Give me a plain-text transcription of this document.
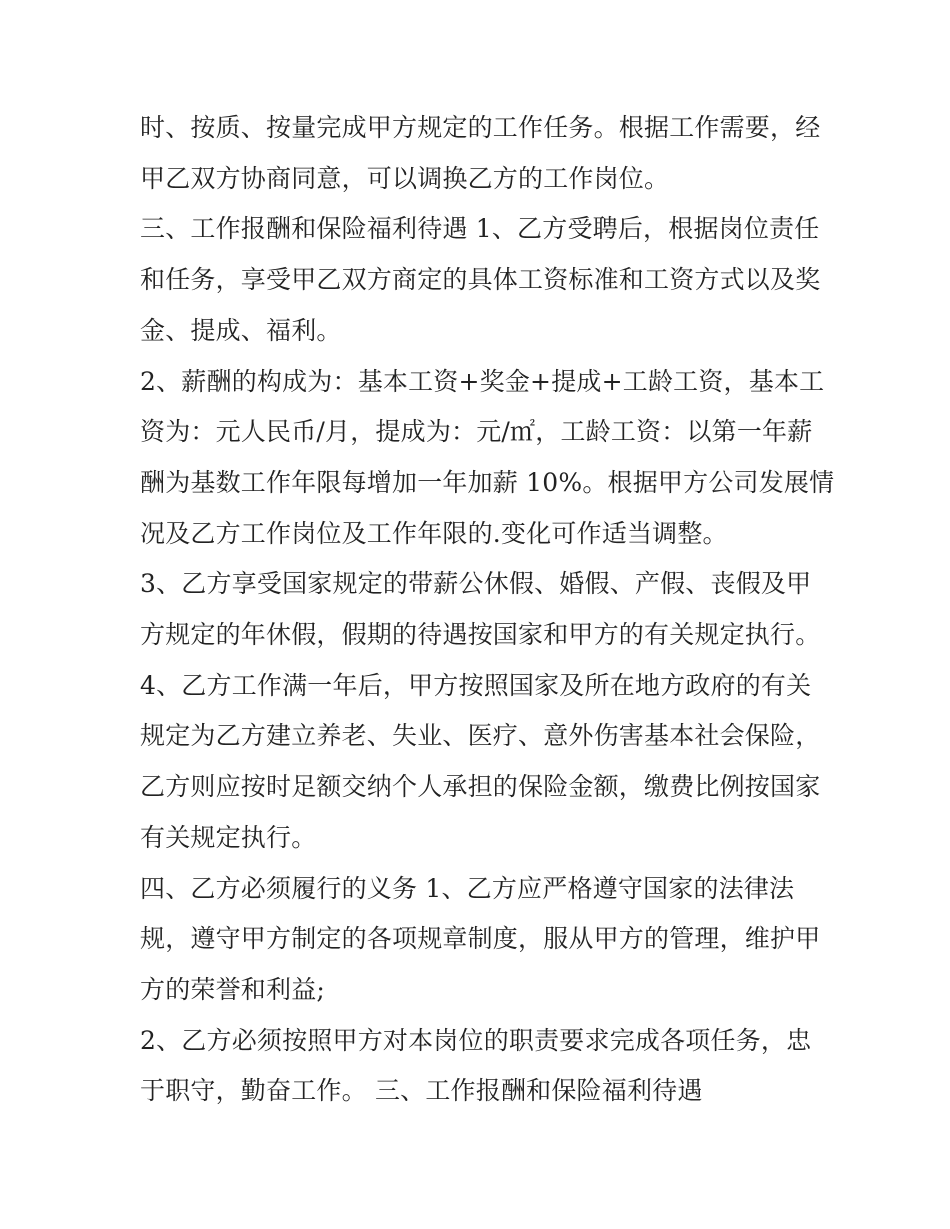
时、按质、按量完成甲方规定的工作任务。根据工作需要，经
甲乙双方协商同意，可以调换乙方的工作岗位。
三、工作报酬和保险福利待遇 1、乙方受聘后，根据岗位责任
和任务，享受甲乙双方商定的具体工资标准和工资方式以及奖
金、提成、福利。
2、薪酬的构成为：基本工资+奖金+提成+工龄工资，基本工
资为：元人民币/月，提成为：元/㎡，工龄工资：以第一年薪
酬为基数工作年限每增加一年加薪 10%。根据甲方公司发展情
况及乙方工作岗位及工作年限的.变化可作适当调整。
3、乙方享受国家规定的带薪公休假、婚假、产假、丧假及甲
方规定的年休假，假期的待遇按国家和甲方的有关规定执行。
4、乙方工作满一年后，甲方按照国家及所在地方政府的有关
规定为乙方建立养老、失业、医疗、意外伤害基本社会保险，
乙方则应按时足额交纳个人承担的保险金额，缴费比例按国家
有关规定执行。
四、乙方必须履行的义务 1、乙方应严格遵守国家的法律法
规，遵守甲方制定的各项规章制度，服从甲方的管理，维护甲
方的荣誉和利益;
2、乙方必须按照甲方对本岗位的职责要求完成各项任务，忠
于职守，勤奋工作。 三、工作报酬和保险福利待遇
